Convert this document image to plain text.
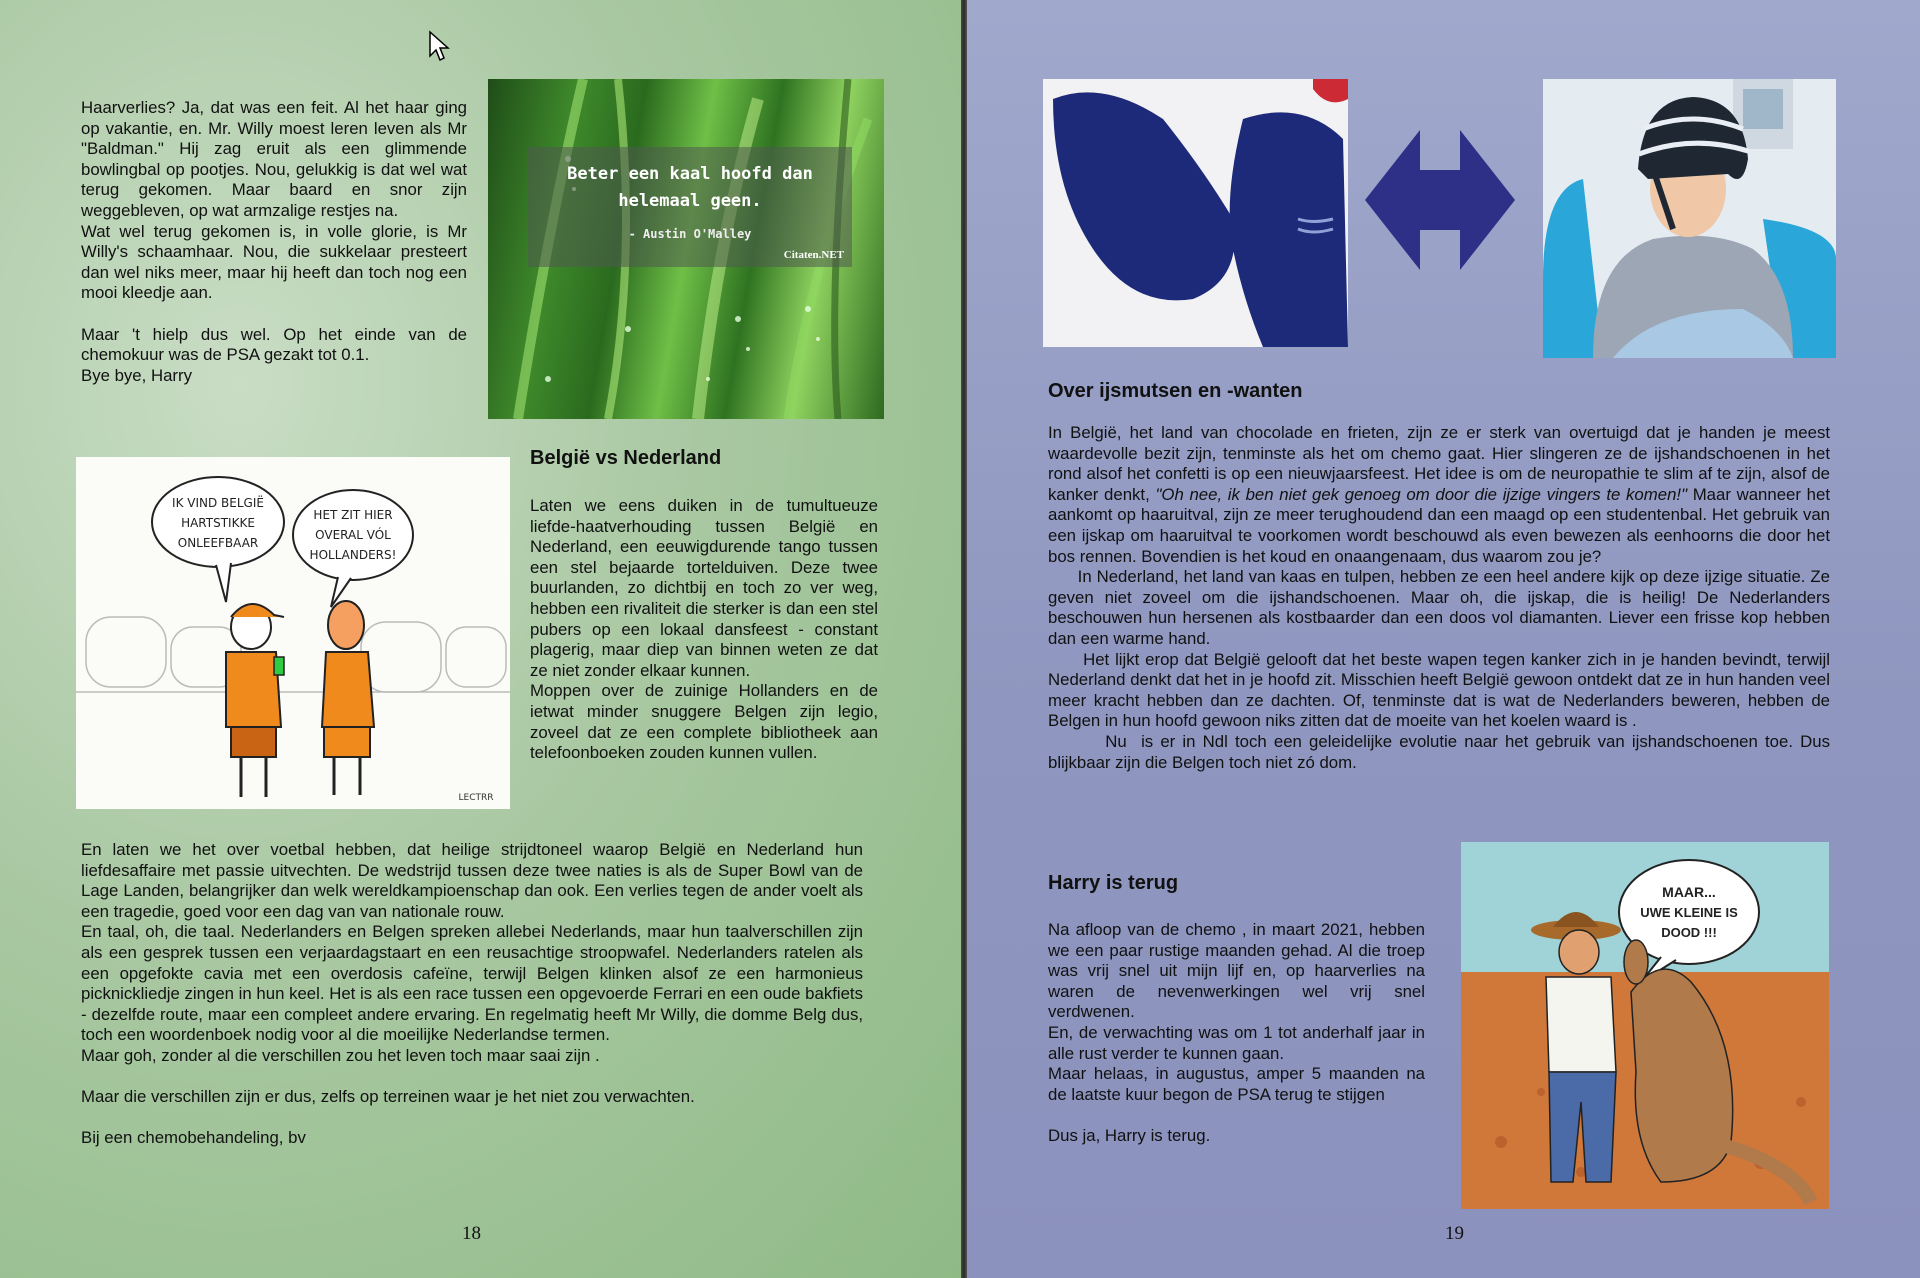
Haarverlies? Ja, dat was een feit. Al het haar ging op vakantie, en. Mr. Willy moest leren leven als Mr "Baldman." Hij zag eruit als een glimmende bowlingbal op pootjes. Nou, gelukkig is dat wel wat terug gekomen. Maar baard en snor zijn weggebleven, op wat armzalige restjes na.

Wat wel terug gekomen is, in volle glorie, is Mr Willy's schaamhaar. Nou, die sukkelaar presteert dan wel niks meer, maar hij heeft dan toch nog een mooi kleedje aan.

Maar 't hielp dus wel. Op het einde van de chemokuur was de PSA gezakt tot 0.1.

Bye bye, Harry

Beter een kaal hoofd dan helemaal geen.
- Austin O'Malley
Citaten.NET
IK VIND BELGIË
HARTSTIKKE
ONLEEFBAAR
HET ZIT HIER
OVERAL VÓL
HOLLANDERS!
LECTRR
België vs Nederland

Laten we eens duiken in de tumultueuze liefde-haatverhouding tussen België en Nederland, een eeuwigdurende tango tussen een stel bejaarde tortelduiven. Deze twee buurlanden, zo dichtbij en toch zo ver weg, hebben een rivaliteit die sterker is dan een stel pubers op een lokaal dansfeest - constant plagerig, maar diep van binnen weten ze dat ze niet zonder elkaar kunnen.

Moppen over de zuinige Hollanders en de ietwat minder snuggere Belgen zijn legio, zoveel dat ze een complete bibliotheek aan telefoonboeken zouden kunnen vullen.

En laten we het over voetbal hebben, dat heilige strijdtoneel waarop België en Nederland hun liefdesaffaire met passie uitvechten. De wedstrijd tussen deze twee naties is als de Super Bowl van de Lage Landen, belangrijker dan welk wereldkampioenschap dan ook. Een verlies tegen de ander voelt als een tragedie, goed voor een dag van van nationale rouw.

En taal, oh, die taal. Nederlanders en Belgen spreken allebei Nederlands, maar hun taalverschillen zijn als een gesprek tussen een verjaardagstaart en een reusachtige stroopwafel. Nederlanders ratelen als een opgefokte cavia met een overdosis cafeïne, terwijl Belgen klinken alsof ze een harmonieus picknickliedje zingen in hun keel. Het is als een race tussen een opgevoerde Ferrari en een oude bakfiets - dezelfde route, maar een compleet andere ervaring. En regelmatig heeft Mr Willy, die domme Belg dus, toch een woordenboek nodig voor al die moeilijke Nederlandse termen.

Maar goh, zonder al die verschillen zou het leven toch maar saai zijn .

Maar die verschillen zijn er dus, zelfs op terreinen waar je het niet zou verwachten.

Bij een chemobehandeling, bv

18
Over ijsmutsen en -wanten

In België, het land van chocolade en frieten, zijn ze er sterk van overtuigd dat je handen je meest waardevolle bezit zijn, tenminste als het om chemo gaat. Hier slingeren ze de ijshandschoenen in het rond alsof het confetti is op een nieuwjaarsfeest. Het idee is om de neuropathie te slim af te zijn, alsof de kanker denkt, "Oh nee, ik ben niet gek genoeg om door die ijzige vingers te komen!" Maar wanneer het aankomt op haaruitval, zijn ze meer terughoudend dan een maagd op een studentenbal. Het gebruik van een ijskap om haaruitval te voorkomen wordt beschouwd als even bewezen als eenhoorns die door het bos rennen. Bovendien is het koud en onaangenaam, dus waarom zou je?

In Nederland, het land van kaas en tulpen, hebben ze een heel andere kijk op deze ijzige situatie. Ze geven niet zoveel om die ijshandschoenen. Maar oh, die ijskap, die is heilig! De Nederlanders beschouwen hun hersenen als kostbaarder dan een doos vol diamanten. Liever een frisse kop hebben dan een warme hand.

Het lijkt erop dat België gelooft dat het beste wapen tegen kanker zich in je handen bevindt, terwijl Nederland denkt dat het in je hoofd zit. Misschien heeft België gewoon ontdekt dat ze in hun handen veel meer kracht hebben dan ze dachten. Of, tenminste dat is wat de Nederlanders beweren, hebben de Belgen in hun hoofd gewoon niks zitten dat de moeite van het koelen waard is .

Nu  is er in Ndl toch een geleidelijke evolutie naar het gebruik van ijshandschoenen toe. Dus blijkbaar zijn die Belgen toch niet zó dom.

Harry is terug

Na afloop van de chemo , in maart 2021, hebben we een paar rustige maanden gehad. Al die troep was vrij snel uit mijn lijf en, op haarverlies na waren de nevenwerkingen wel vrij snel verdwenen.

En, de verwachting was om 1 tot anderhalf jaar in alle rust verder te kunnen gaan.

Maar helaas, in augustus, amper 5 maanden na de laatste kuur begon de PSA terug te stijgen

Dus ja, Harry is terug.

MAAR...
UWE KLEINE IS
DOOD !!!
19
